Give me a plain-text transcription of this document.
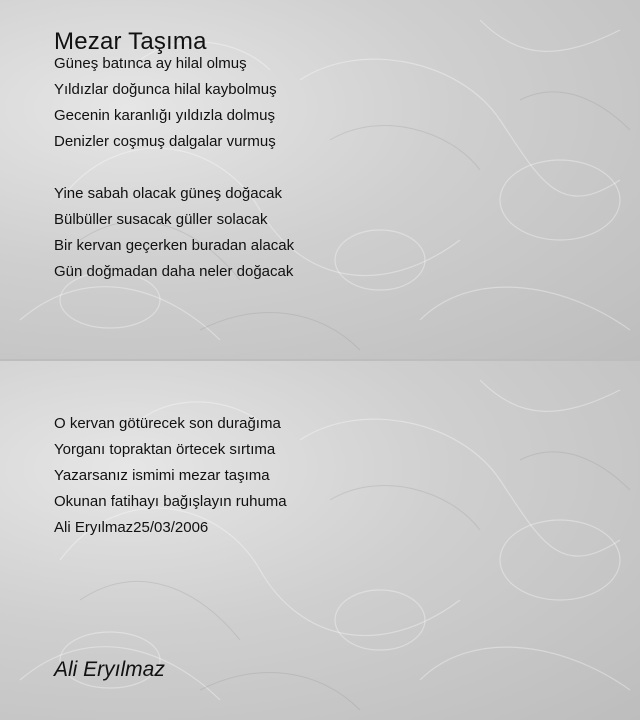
Mezar Taşıma
Güneş batınca ay hilal olmuş
Yıldızlar doğunca hilal kaybolmuş
Gecenin karanlığı yıldızla dolmuş
Denizler coşmuş dalgalar vurmuş
Yine sabah olacak güneş doğacak
Bülbüller susacak güller solacak
Bir kervan geçerken buradan alacak
Gün doğmadan daha neler doğacak
O kervan götürecek son durağıma
Yorganı topraktan örtecek sırtıma
Yazarsanız ismimi mezar taşıma
Okunan fatihayı bağışlayın ruhuma
Ali Eryılmaz25/03/2006
Ali Eryılmaz
